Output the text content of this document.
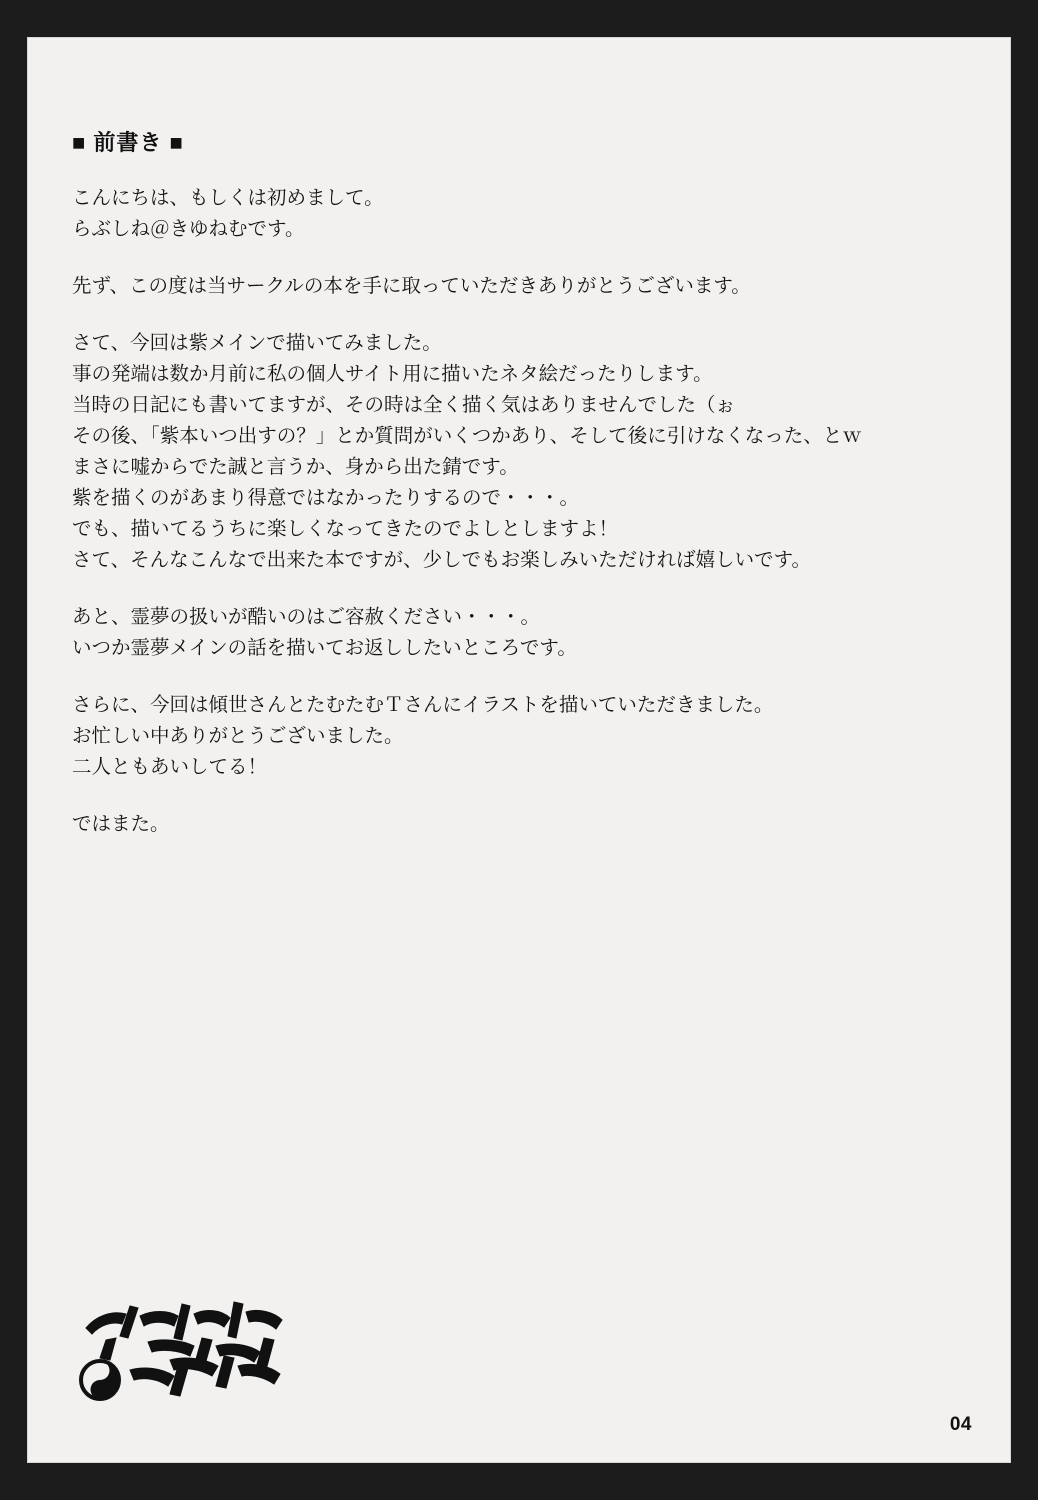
■ 前書き ■
こんにちは、もしくは初めまして。
らぶしね＠きゆねむです。
先ず、この度は当サークルの本を手に取っていただきありがとうございます。
さて、今回は紫メインで描いてみました。
事の発端は数か月前に私の個人サイト用に描いたネタ絵だったりします。
当時の日記にも書いてますが、その時は全く描く気はありませんでした（ぉ
その後、「紫本いつ出すの？」とか質問がいくつかあり、そして後に引けなくなった、とｗ
まさに嘘からでた誠と言うか、身から出た錆です。
紫を描くのがあまり得意ではなかったりするので・・・。
でも、描いてるうちに楽しくなってきたのでよしとしますよ！
さて、そんなこんなで出来た本ですが、少しでもお楽しみいただければ嬉しいです。
あと、霊夢の扱いが酷いのはご容赦ください・・・。
いつか霊夢メインの話を描いてお返ししたいところです。
さらに、今回は傾世さんとたむたむＴさんにイラストを描いていただきました。
お忙しい中ありがとうございました。
二人ともあいしてる！
ではまた。
04
